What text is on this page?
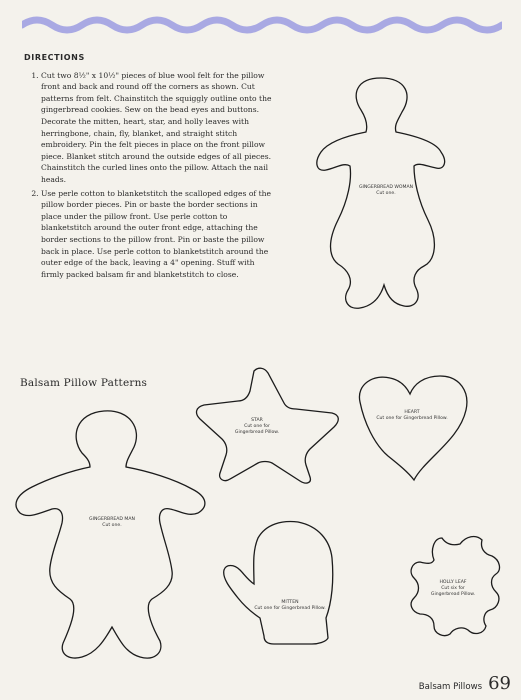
DIRECTIONS
1. Cut two 8½" x 10½" pieces of blue wool felt for the pillow front and back and round off the corners as shown. Cut patterns from felt. Chainstitch the squiggly outline onto the gingerbread cookies. Sew on the bead eyes and buttons. Decorate the mitten, heart, star, and holly leaves with herringbone, chain, fly, blanket, and straight stitch embroidery. Pin the felt pieces in place on the front pillow piece. Blanket stitch around the outside edges of all pieces. Chainstitch the curled lines onto the pillow. Attach the nail heads.
2. Use perle cotton to blanketstitch the scalloped edges of the pillow border pieces. Pin or baste the border sections in place under the pillow front. Use perle cotton to blanketstitch around the outer front edge, attaching the border sections to the pillow front. Pin or baste the pillow back in place. Use perle cotton to blanketstitch around the outer edge of the back, leaving a 4" opening. Stuff with firmly packed balsam fir and blanketstitch to close.
Balsam Pillow Patterns
GINGERBREAD WOMAN
Cut one.
STAR
Cut one for
Gingerbread Pillow.
HEART
Cut one for Gingerbread Pillow.
GINGERBREAD MAN
Cut one.
MITTEN
Cut one for Gingerbread Pillow.
HOLLY LEAF
Cut six for
Gingerbread Pillow.
Balsam Pillows 69
